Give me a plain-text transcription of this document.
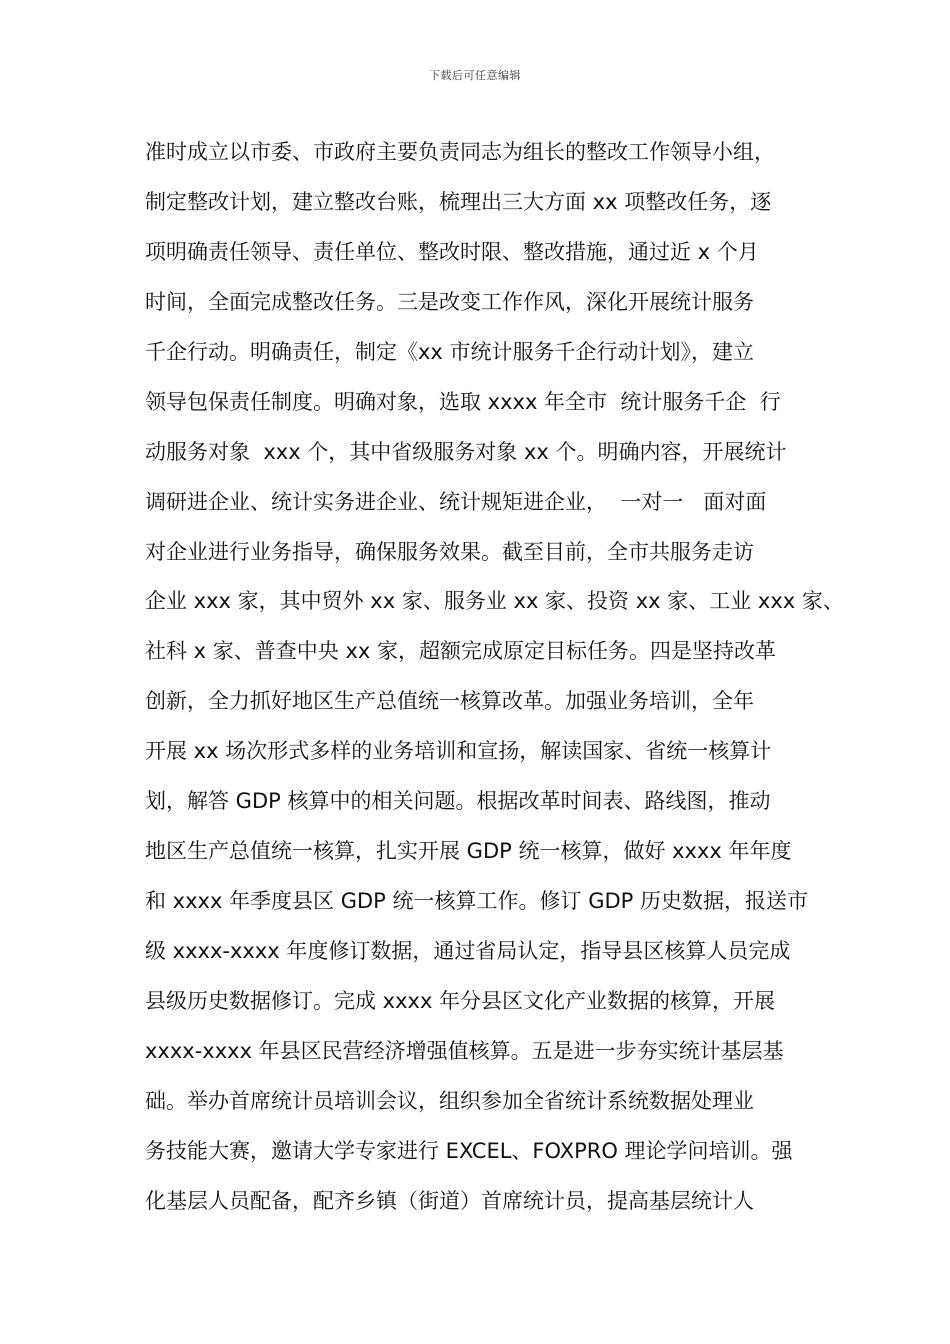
下载后可任意编辑
准时成立以市委、市政府主要负责同志为组长的整改工作领导小组，
制定整改计划，建立整改台账，梳理出三大方面 xx 项整改任务，逐
项明确责任领导、责任单位、整改时限、整改措施，通过近 x 个月
时间，全面完成整改任务。三是改变工作作风，深化开展统计服务
千企行动。明确责任，制定《xx 市统计服务千企行动计划》，建立
领导包保责任制度。明确对象，选取 xxxx 年全市  统计服务千企  行
动服务对象  xxx 个，其中省级服务对象 xx 个。明确内容，开展统计
调研进企业、统计实务进企业、统计规矩进企业，  一对一   面对面
对企业进行业务指导，确保服务效果。截至目前，全市共服务走访
企业 xxx 家，其中贸外 xx 家、服务业 xx 家、投资 xx 家、工业 xxx 家、
社科 x 家、普查中央 xx 家，超额完成原定目标任务。四是坚持改革
创新，全力抓好地区生产总值统一核算改革。加强业务培训，全年
开展 xx 场次形式多样的业务培训和宣扬，解读国家、省统一核算计
划，解答 GDP 核算中的相关问题。根据改革时间表、路线图，推动
地区生产总值统一核算，扎实开展 GDP 统一核算，做好 xxxx 年年度
和 xxxx 年季度县区 GDP 统一核算工作。修订 GDP 历史数据，报送市
级 xxxx-xxxx 年度修订数据，通过省局认定，指导县区核算人员完成
县级历史数据修订。完成 xxxx 年分县区文化产业数据的核算，开展
xxxx-xxxx 年县区民营经济增强值核算。五是进一步夯实统计基层基
础。举办首席统计员培训会议，组织参加全省统计系统数据处理业
务技能大赛，邀请大学专家进行 EXCEL、FOXPRO 理论学问培训。强
化基层人员配备，配齐乡镇（街道）首席统计员，提高基层统计人
